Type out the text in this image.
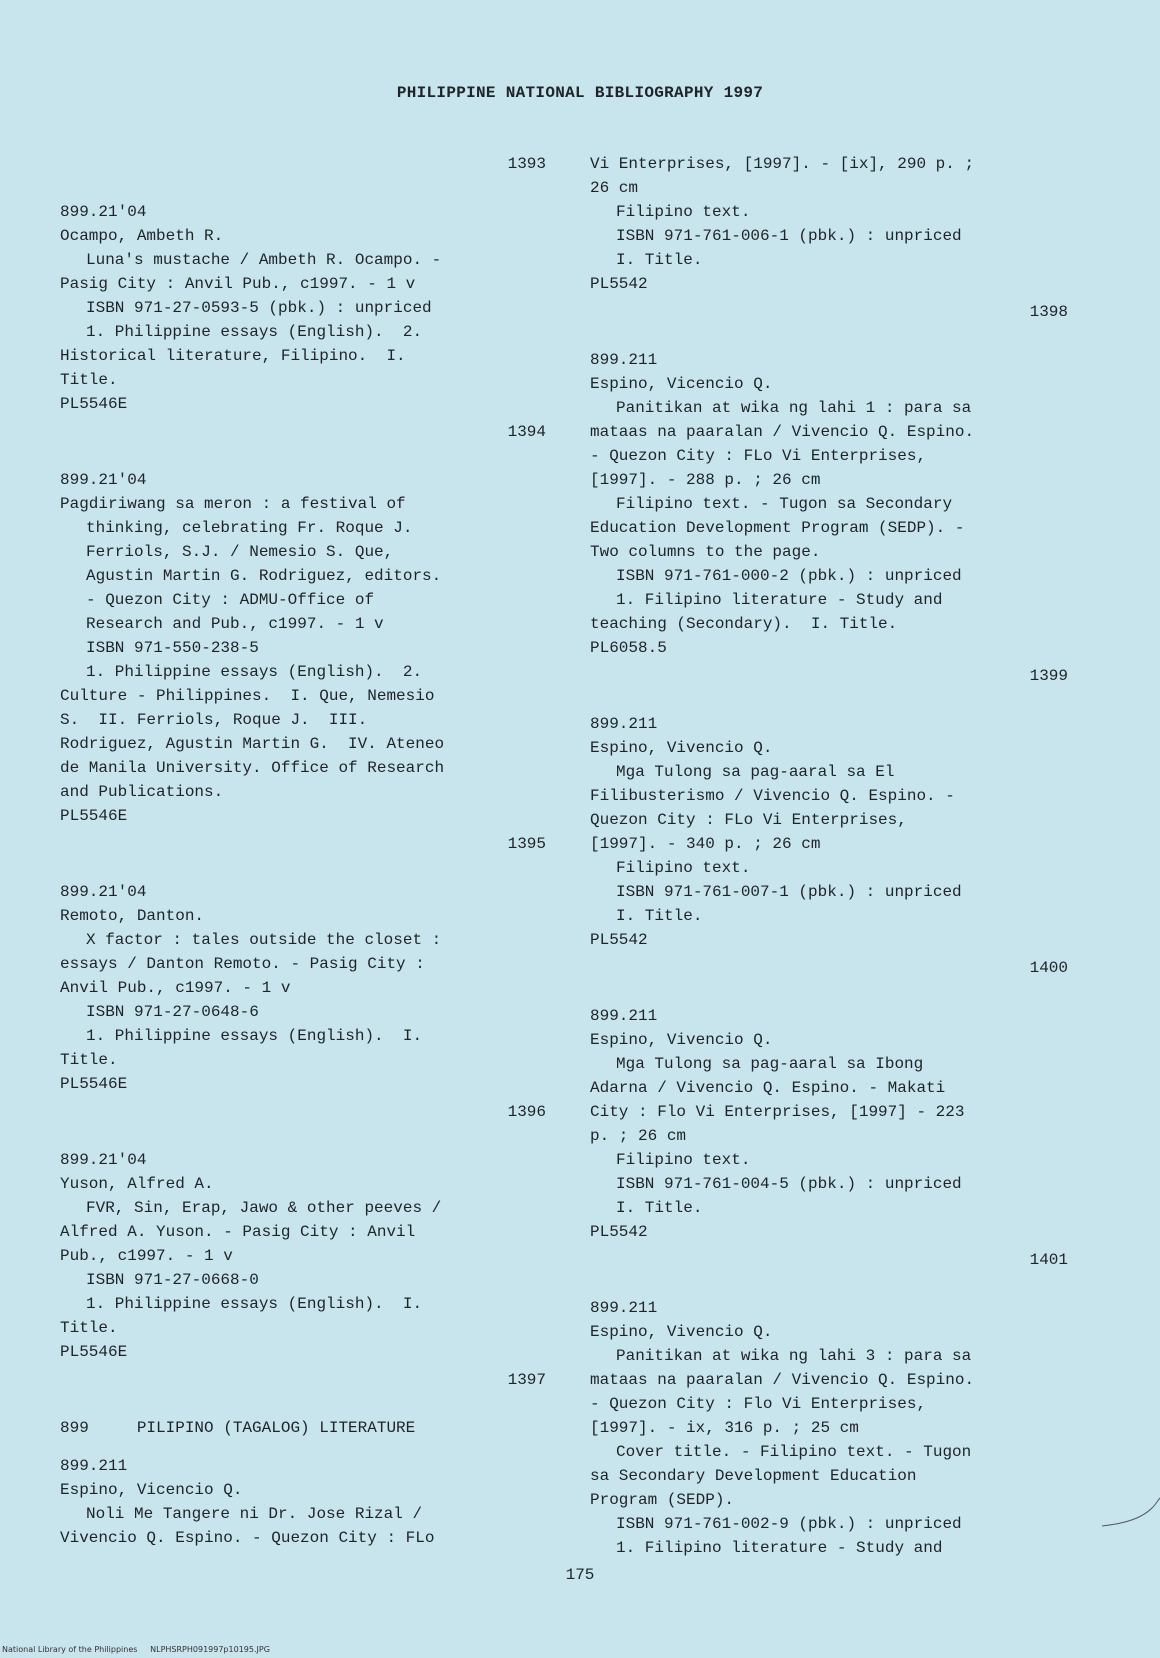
PHILIPPINE NATIONAL BIBLIOGRAPHY 1997
1393
899.21'04
Ocampo, Ambeth R.
Luna's mustache / Ambeth R. Ocampo. -
Pasig City : Anvil Pub., c1997. - 1 v
ISBN 971-27-0593-5 (pbk.) : unpriced
1. Philippine essays (English).  2.
Historical literature, Filipino.  I.
Title.
PL5546E
1394
899.21'04
Pagdiriwang sa meron : a festival of
thinking, celebrating Fr. Roque J.
Ferriols, S.J. / Nemesio S. Que,
Agustin Martin G. Rodriguez, editors.
- Quezon City : ADMU-Office of
Research and Pub., c1997. - 1 v
ISBN 971-550-238-5
1. Philippine essays (English).  2.
Culture - Philippines.  I. Que, Nemesio
S.  II. Ferriols, Roque J.  III.
Rodriguez, Agustin Martin G.  IV. Ateneo
de Manila University. Office of Research
and Publications.
PL5546E
1395
899.21'04
Remoto, Danton.
X factor : tales outside the closet :
essays / Danton Remoto. - Pasig City :
Anvil Pub., c1997. - 1 v
ISBN 971-27-0648-6
1. Philippine essays (English).  I.
Title.
PL5546E
1396
899.21'04
Yuson, Alfred A.
FVR, Sin, Erap, Jawo & other peeves /
Alfred A. Yuson. - Pasig City : Anvil
Pub., c1997. - 1 v
ISBN 971-27-0668-0
1. Philippine essays (English).  I.
Title.
PL5546E
1397
899     PILIPINO (TAGALOG) LITERATURE
899.211
Espino, Vicencio Q.
Noli Me Tangere ni Dr. Jose Rizal /
Vivencio Q. Espino. - Quezon City : FLo
Vi Enterprises, [1997]. - [ix], 290 p. ;
26 cm
Filipino text.
ISBN 971-761-006-1 (pbk.) : unpriced
I. Title.
PL5542
1398
899.211
Espino, Vicencio Q.
Panitikan at wika ng lahi 1 : para sa
mataas na paaralan / Vivencio Q. Espino.
- Quezon City : FLo Vi Enterprises,
[1997]. - 288 p. ; 26 cm
Filipino text. - Tugon sa Secondary
Education Development Program (SEDP). -
Two columns to the page.
ISBN 971-761-000-2 (pbk.) : unpriced
1. Filipino literature - Study and
teaching (Secondary).  I. Title.
PL6058.5
1399
899.211
Espino, Vivencio Q.
Mga Tulong sa pag-aaral sa El
Filibusterismo / Vivencio Q. Espino. -
Quezon City : FLo Vi Enterprises,
[1997]. - 340 p. ; 26 cm
Filipino text.
ISBN 971-761-007-1 (pbk.) : unpriced
I. Title.
PL5542
1400
899.211
Espino, Vivencio Q.
Mga Tulong sa pag-aaral sa Ibong
Adarna / Vivencio Q. Espino. - Makati
City : Flo Vi Enterprises, [1997] - 223
p. ; 26 cm
Filipino text.
ISBN 971-761-004-5 (pbk.) : unpriced
I. Title.
PL5542
1401
899.211
Espino, Vivencio Q.
Panitikan at wika ng lahi 3 : para sa
mataas na paaralan / Vivencio Q. Espino.
- Quezon City : Flo Vi Enterprises,
[1997]. - ix, 316 p. ; 25 cm
Cover title. - Filipino text. - Tugon
sa Secondary Development Education
Program (SEDP).
ISBN 971-761-002-9 (pbk.) : unpriced
1. Filipino literature - Study and
175
National Library of the Philippines     NLPHSRPH091997p10195.JPG
